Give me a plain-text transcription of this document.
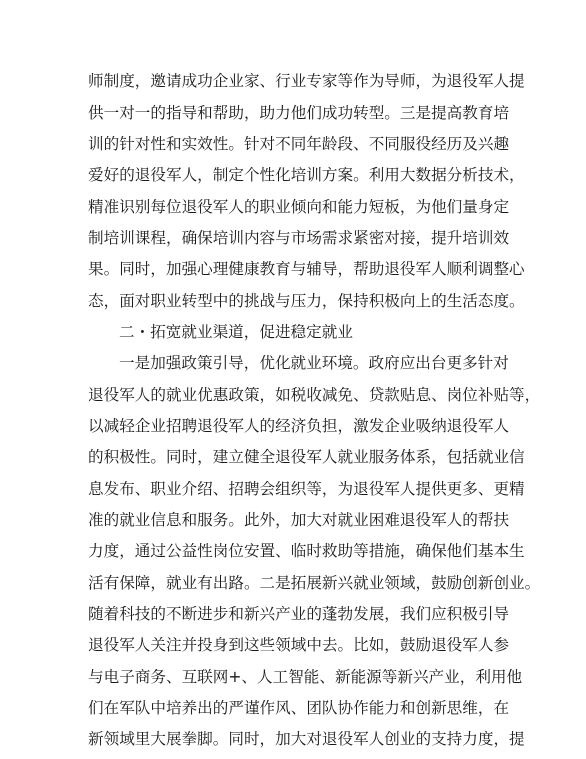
师制度，邀请成功企业家、行业专家等作为导师，为退役军人提
供一对一的指导和帮助，助力他们成功转型。三是提高教育培
训的针对性和实效性。针对不同年龄段、不同服役经历及兴趣
爱好的退役军人，制定个性化培训方案。利用大数据分析技术，
精准识别每位退役军人的职业倾向和能力短板，为他们量身定
制培训课程，确保培训内容与市场需求紧密对接，提升培训效
果。同时，加强心理健康教育与辅导，帮助退役军人顺利调整心
态，面对职业转型中的挑战与压力，保持积极向上的生活态度。
二・拓宽就业渠道，促进稳定就业
一是加强政策引导，优化就业环境。政府应出台更多针对
退役军人的就业优惠政策，如税收减免、贷款贴息、岗位补贴等，
以减轻企业招聘退役军人的经济负担，激发企业吸纳退役军人
的积极性。同时，建立健全退役军人就业服务体系，包括就业信
息发布、职业介绍、招聘会组织等，为退役军人提供更多、更精
准的就业信息和服务。此外，加大对就业困难退役军人的帮扶
力度，通过公益性岗位安置、临时救助等措施，确保他们基本生
活有保障，就业有出路。二是拓展新兴就业领域，鼓励创新创业。
随着科技的不断进步和新兴产业的蓬勃发展，我们应积极引导
退役军人关注并投身到这些领域中去。比如，鼓励退役军人参
与电子商务、互联网+、人工智能、新能源等新兴产业，利用他
们在军队中培养出的严谨作风、团队协作能力和创新思维，在
新领域里大展拳脚。同时，加大对退役军人创业的支持力度，提
